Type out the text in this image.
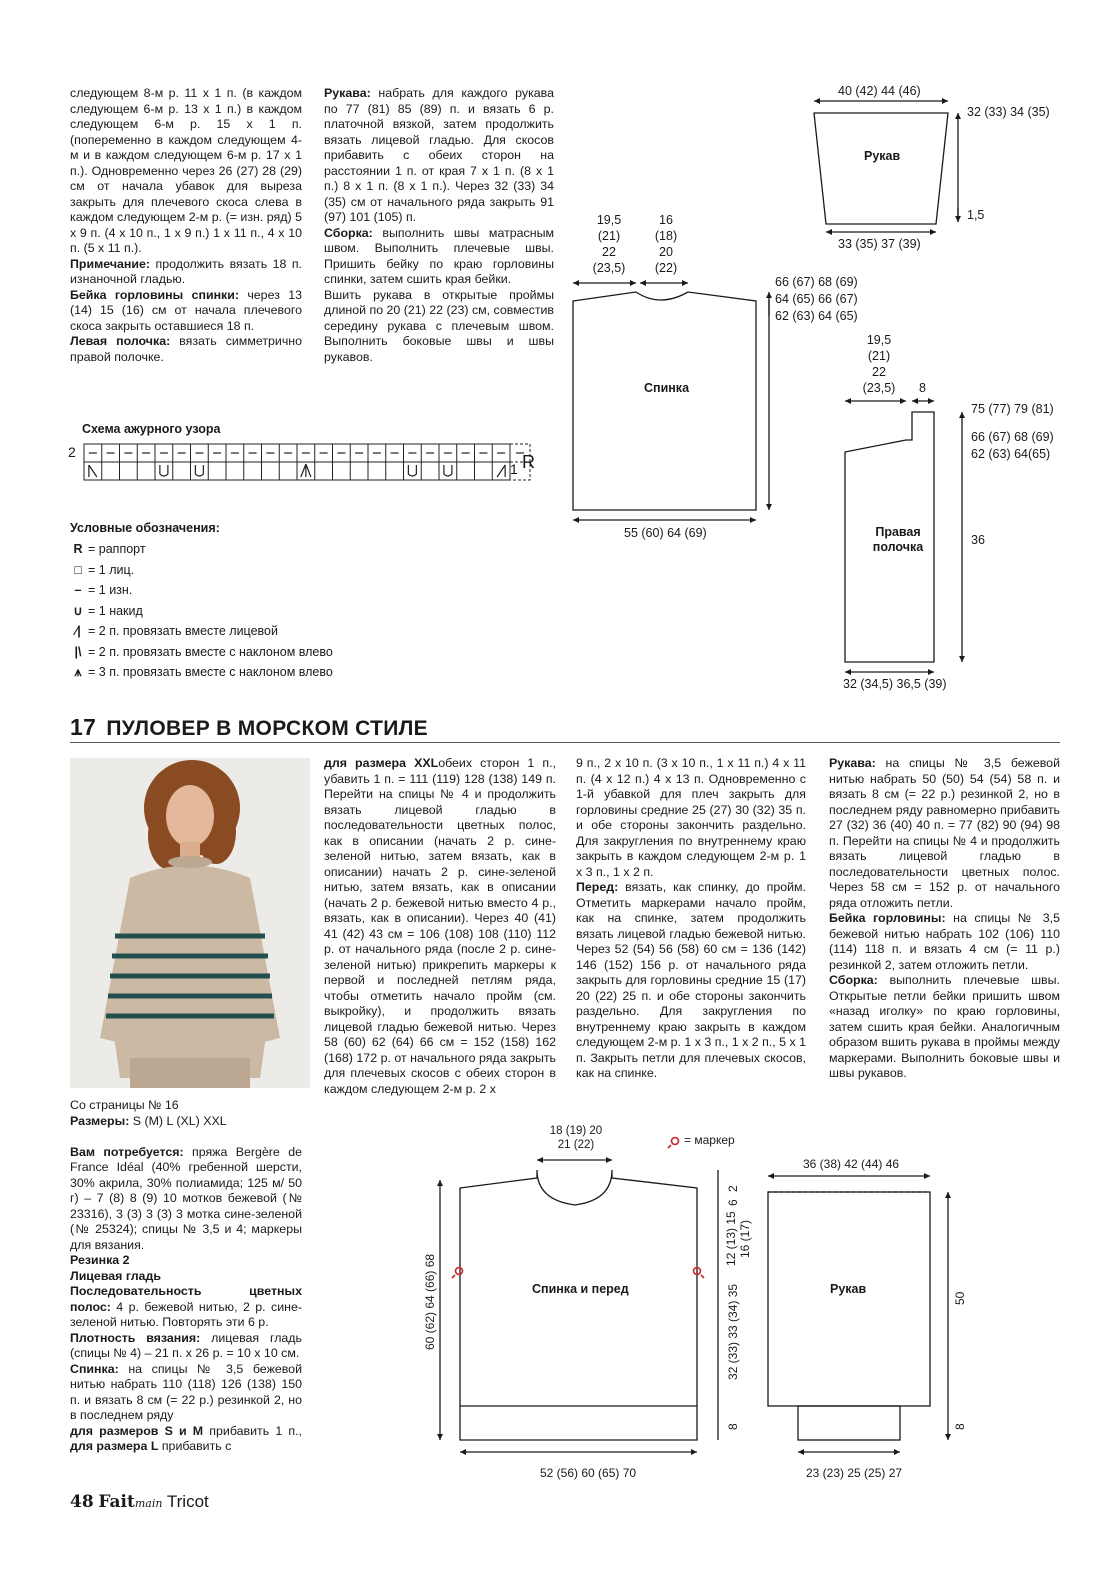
следующем 8-м р. 11 х 1 п. (в каждом следующем 6-м р. 13 х 1 п.) в каждом следующем 6-м р. 15 х 1 п. (попеременно в каждом следующем 4-м и в каждом следующем 6-м р. 17 х 1 п.). Одновременно через 26 (27) 28 (29) см от начала убавок для выреза закрыть для плечевого скоса слева в каждом следующем 2-м р. (= изн. ряд) 5 х 9 п. (4 х 10 п., 1 х 9 п.) 1 х 11 п., 4 х 10 п. (5 х 11 п.).

Примечание: продолжить вязать 18 п. изнаночной гладью.

Бейка горловины спинки: через 13 (14) 15 (16) см от начала плечевого скоса закрыть оставшиеся 18 п.

Левая полочка: вязать симметрично правой полочке.

Рукава: набрать для каждого рукава по 77 (81) 85 (89) п. и вязать 6 р. платочной вязкой, затем продолжить вязать лицевой гладью. Для скосов прибавить с обеих сторон на расстоянии 1 п. от края 7 х 1 п. (8 х 1 п.) 8 х 1 п. (8 х 1 п.). Через 32 (33) 34 (35) см от начального ряда закрыть 91 (97) 101 (105) п.

Сборка: выполнить швы матрасным швом. Выполнить плечевые швы. Пришить бейку по краю горловины спинки, затем сшить края бейки.

Вшить рукава в открытые проймы длиной по 20 (21) 22 (23) см, совместив середину рукава с плечевым швом. Выполнить боковые швы и швы рукавов.

Схема ажурного узора
2
1 R
Условные обозначения:
R = раппорт
□ = 1 лиц.
– = 1 изн.
∪ = 1 накид
⁄| = 2 п. провязать вместе лицевой
|\ = 2 п. провязать вместе с наклоном влево
⩚ = 3 п. провязать вместе с наклоном влево
Рукав
40 (42) 44 (46)
32 (33) 34 (35)
1,5
33 (35) 37 (39)
19,5
(21)
22
(23,5)
16
(18)
20
(22)
Спинка
66 (67) 68 (69)
64 (65) 66 (67)
62 (63) 64 (65)
55 (60) 64 (69)
19,5
(21)
22
(23,5)	8
75 (77) 79 (81)
66 (67) 68 (69)
62 (63) 64(65)
36
Правая
полочка
32 (34,5) 36,5 (39)
17 ПУЛОВЕР В МОРСКОМ СТИЛЕ
Со страницы № 16

Размеры: S (M) L (XL) XXL

Вам потребуется: пряжа Bergère de France Idéal (40% гребенной шерсти, 30% акрила, 30% полиамида; 125 м/ 50 г) – 7 (8) 8 (9) 10 мотков бежевой (№ 23316), 3 (3) 3 (3) 3 мотка сине-зеленой (№ 25324); спицы № 3,5 и 4; маркеры для вязания.

Резинка 2

Лицевая гладь

Последовательность цветных полос: 4 р. бежевой нитью, 2 р. сине-зеленой нитью. Повторять эти 6 р.

Плотность вязания: лицевая гладь (спицы № 4) – 21 п. х 26 р. = 10 х 10 см.

Спинка: на спицы № 3,5 бежевой нитью набрать 110 (118) 126 (138) 150 п. и вязать 8 см (= 22 р.) резинкой 2, но в последнем ряду

для размеров S и M прибавить 1 п., для размера L прибавить с

для размера XXLобеих сторон 1 п., убавить 1 п. = 111 (119) 128 (138) 149 п. Перейти на спицы № 4 и продолжить вязать лицевой гладью в последовательности цветных полос, как в описании (начать 2 р. сине-зеленой нитью, затем вязать, как в описании) начать 2 р. сине-зеленой нитью, затем вязать, как в описании (начать 2 р. бежевой нитью вместо 4 р., вязать, как в описании). Через 40 (41) 41 (42) 43 см = 106 (108) 108 (110) 112 р. от начального ряда (после 2 р. сине-зеленой нитью) прикрепить маркеры к первой и последней петлям ряда, чтобы отметить начало пройм (см. выкройку), и продолжить вязать лицевой гладью бежевой нитью. Через 58 (60) 62 (64) 66 см = 152 (158) 162 (168) 172 р. от начального ряда закрыть для плечевых скосов с обеих сторон в каждом следующем 2-м р. 2 х

9 п., 2 х 10 п. (3 х 10 п., 1 х 11 п.) 4 х 11 п. (4 х 12 п.) 4 х 13 п. Одновременно с 1-й убавкой для плеч закрыть для горловины средние 25 (27) 30 (32) 35 п. и обе стороны закончить раздельно. Для закругления по внутреннему краю закрыть в каждом следующем 2-м р. 1 х 3 п., 1 х 2 п.

Перед: вязать, как спинку, до пройм. Отметить маркерами начало пройм, как на спинке, затем продолжить вязать лицевой гладью бежевой нитью. Через 52 (54) 56 (58) 60 см = 136 (142) 146 (152) 156 р. от начального ряда закрыть для горловины средние 15 (17) 20 (22) 25 п. и обе стороны закончить раздельно. Для закругления по внутреннему краю закрыть в каждом следующем 2-м р. 1 х 3 п., 1 х 2 п., 5 х 1 п. Закрыть петли для плечевых скосов, как на спинке.

Рукава: на спицы № 3,5 бежевой нитью набрать 50 (50) 54 (54) 58 п. и вязать 8 см (= 22 р.) резинкой 2, но в последнем ряду равномерно прибавить 27 (32) 36 (40) 40 п. = 77 (82) 90 (94) 98 п. Перейти на спицы № 4 и продолжить вязать лицевой гладью в последовательности цветных полос. Через 58 см = 152 р. от начального ряда отложить петли.

Бейка горловины: на спицы № 3,5 бежевой нитью набрать 102 (106) 110 (114) 118 п. и вязать 4 см (= 11 р.) резинкой 2, затем отложить петли.

Сборка: выполнить плечевые швы. Открытые петли бейки пришить швом «назад иголку» по краю горловины, затем сшить края бейки. Аналогичным образом вшить рукава в проймы между маркерами. Выполнить боковые швы и швы рукавов.

18 (19) 20
21 (22)	= маркер
Спинка и перед
60 (62) 64 (66) 68
2
6
12 (13) 15 16 (17)
32 (33) 33 (34) 35
8
52 (56) 60 (65) 70
36 (38) 42 (44) 46
Рукав
50
8
23 (23) 25 (25) 27
48 Faitmain Tricot
